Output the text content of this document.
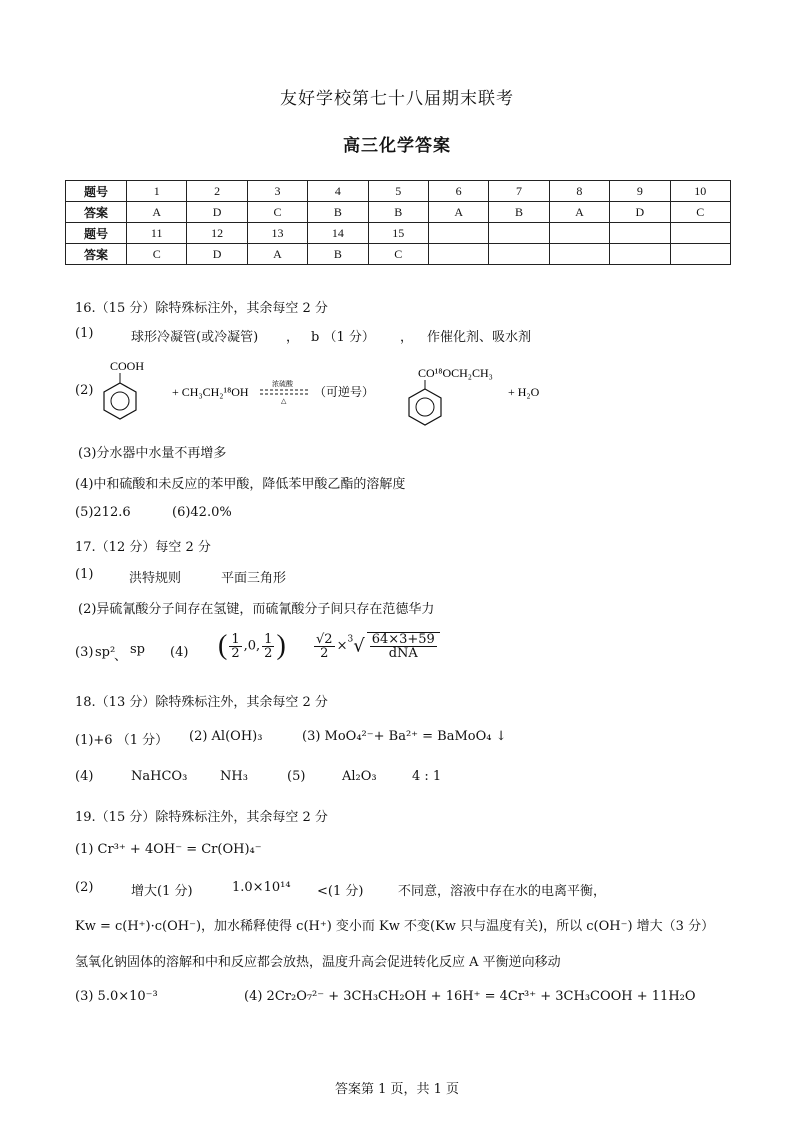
友好学校第七十八届期末联考
高三化学答案
题号	1	2	3	4	5	6	7	8	9	10
答案	A	D	C	B	B	A	B	A	D	C
题号	11	12	13	14	15					
答案	C	D	A	B	C					
16.（15 分）除特殊标注外，其余每空 2 分
(1)	球形冷凝管(或冷凝管) ， b （1 分） ， 作催化剂、吸水剂
(2)
COOH
+ CH₃CH₂¹⁸OH
浓硫酸
△
（可逆号）
CO¹⁸OCH₂CH₃
+ H₂O
(3)分水器中水量不再增多
(4)中和硫酸和未反应的苯甲酸，降低苯甲酸乙酯的溶解度
(5)212.6	(6)42.0%
17.（12 分）每空 2 分
(1)	洪特规则	平面三角形
(2)异硫氰酸分子间存在氢键，而硫氰酸分子间只存在范德华力
(3) sp²
、 sp (4) ( $\frac{1}{2} ,0$, $\frac{1}{2}$ ) $\frac{√2}{2} \times^3√ \frac{64\times 3+59}{\text{dNA}}$
18.（13 分）除特殊标注外，其余每空 2 分
(1)+6 （1 分） (2) Al(OH)₃	(3) MoO₄²⁻+ Ba²⁺ = BaMoO₄ ↓
(4)	NaHCO₃	NH₃	(5)	Al₂O₃	4 : 1
19.（15 分）除特殊标注外，其余每空 2 分
(1) Cr³⁺ + 4OH⁻ = Cr(OH)₄⁻
(2)	增大(1 分)	1.0×10¹⁴ <(1 分)	不同意，溶液中存在水的电离平衡，
Kw = c(H⁺)·c(OH⁻)，加水稀释使得 c(H⁺) 变小而 Kw 不变(Kw 只与温度有关)，所以 c(OH⁻) 增大（3 分）
氢氧化钠固体的溶解和中和反应都会放热，温度升高会促进转化反应 A 平衡逆向移动
(3) 5.0×10⁻³	(4) 2Cr₂O₇²⁻ + 3CH₃CH₂OH + 16H⁺ = 4Cr³⁺ + 3CH₃COOH + 11H₂O
答案第 1 页，共 1 页
